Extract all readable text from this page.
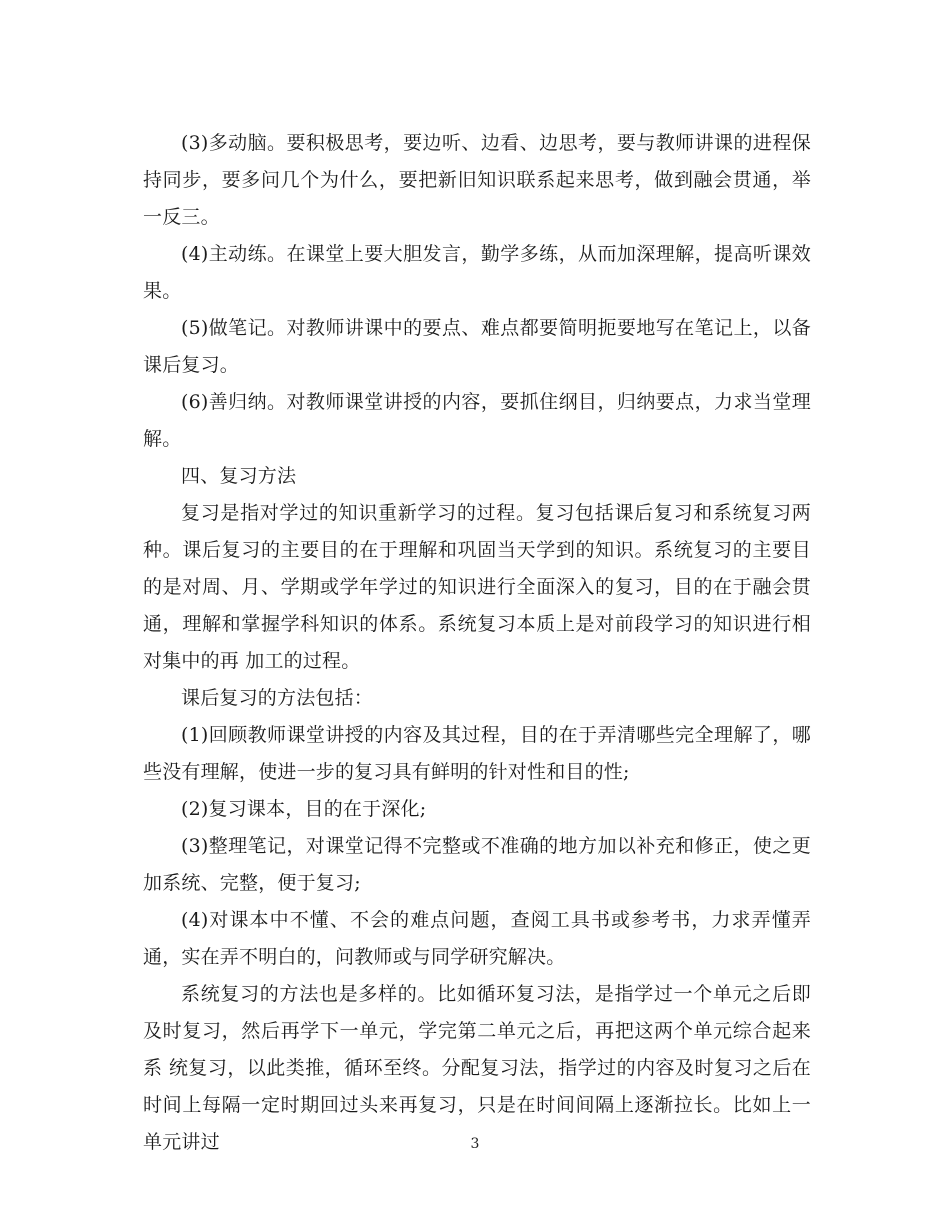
(3)多动脑。要积极思考，要边听、边看、边思考，要与教师讲课的进程保持同步，要多问几个为什么，要把新旧知识联系起来思考，做到融会贯通，举一反三。

(4)主动练。在课堂上要大胆发言，勤学多练，从而加深理解，提高听课效果。

(5)做笔记。对教师讲课中的要点、难点都要简明扼要地写在笔记上，以备课后复习。

(6)善归纳。对教师课堂讲授的内容，要抓住纲目，归纳要点，力求当堂理解。

四、复习方法

复习是指对学过的知识重新学习的过程。复习包括课后复习和系统复习两种。课后复习的主要目的在于理解和巩固当天学到的知识。系统复习的主要目的是对周、月、学期或学年学过的知识进行全面深入的复习，目的在于融会贯通，理解和掌握学科知识的体系。系统复习本质上是对前段学习的知识进行相对集中的再 加工的过程。

课后复习的方法包括：

(1)回顾教师课堂讲授的内容及其过程，目的在于弄清哪些完全理解了，哪些没有理解，使进一步的复习具有鲜明的针对性和目的性;

(2)复习课本，目的在于深化;

(3)整理笔记，对课堂记得不完整或不准确的地方加以补充和修正，使之更加系统、完整，便于复习;

(4)对课本中不懂、不会的难点问题，查阅工具书或参考书，力求弄懂弄通，实在弄不明白的，问教师或与同学研究解决。

系统复习的方法也是多样的。比如循环复习法，是指学过一个单元之后即及时复习，然后再学下一单元，学完第二单元之后，再把这两个单元综合起来系 统复习，以此类推，循环至终。分配复习法，指学过的内容及时复习之后在时间上每隔一定时期回过头来再复习，只是在时间间隔上逐渐拉长。比如上一单元讲过	3
